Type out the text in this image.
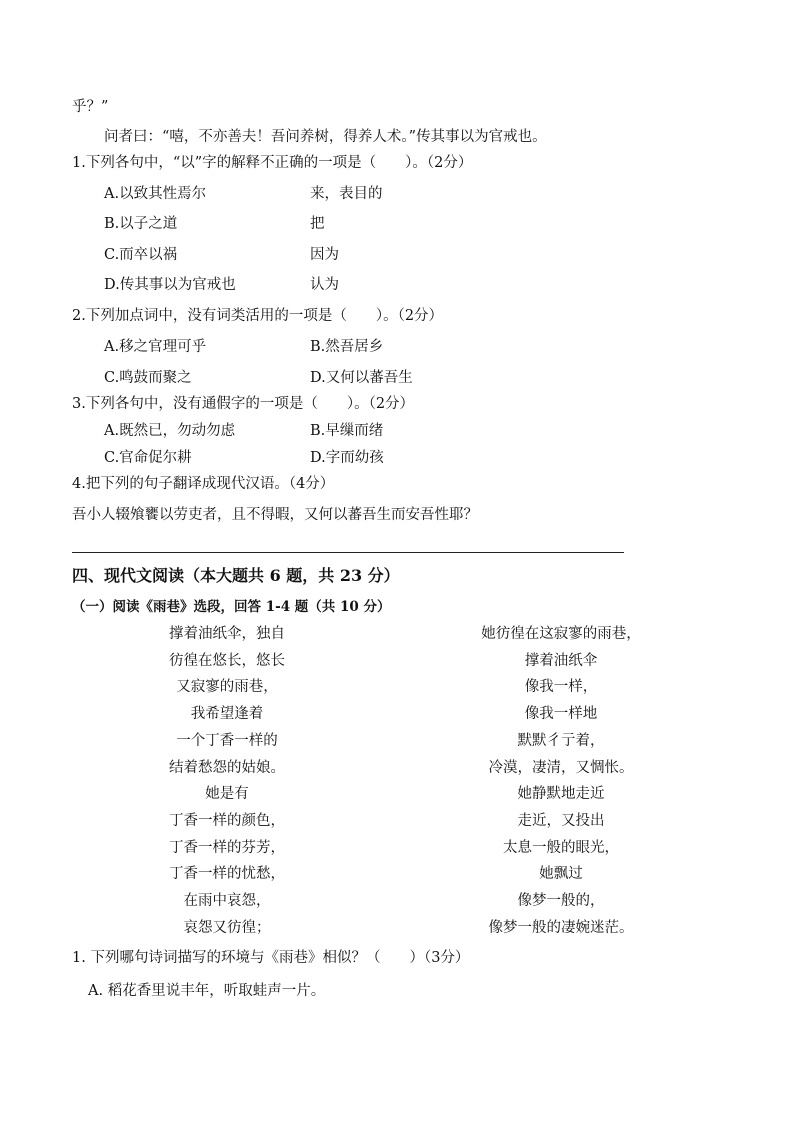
乎？”
问者曰：“嘻，不亦善夫！吾问养树，得养人术。”传其事以为官戒也。
1.下列各句中，“以”字的解释不正确的一项是（　　）。（2分）
A.以致其性焉尔	来，表目的
B.以子之道	把
C.而卒以祸	因为
D.传其事以为官戒也	认为
2.下列加点词中，没有词类活用的一项是（　　）。（2分）
A.移之官理可乎	B.然吾居乡
C.鸣鼓而聚之	D.又何以蕃吾生
3.下列各句中，没有通假字的一项是（　　）。（2分）
A.既然已，勿动勿虑	B.早缫而绪
C.官命促尔耕	D.字而幼孩
4.把下列的句子翻译成现代汉语。（4分）
吾小人辍飧饔以劳吏者，且不得暇，又何以蕃吾生而安吾性耶？
四、现代文阅读（本大题共 6 题，共 23 分）
（一）阅读《雨巷》选段，回答 1-4 题（共 10 分）
撑着油纸伞，独自
彷徨在悠长，悠长
又寂寥的雨巷，
我希望逢着
一个丁香一样的
结着愁怨的姑娘。
她是有
丁香一样的颜色，
丁香一样的芬芳，
丁香一样的忧愁，
在雨中哀怨，
哀怨又彷徨；
她彷徨在这寂寥的雨巷，
撑着油纸伞
像我一样，
像我一样地
默默彳亍着，
冷漠，凄清，又惆怅。
她静默地走近
走近，又投出
太息一般的眼光，
她飘过
像梦一般的，
像梦一般的凄婉迷茫。
1. 下列哪句诗词描写的环境与《雨巷》相似？（　　）（3分）
A. 稻花香里说丰年，听取蛙声一片。
